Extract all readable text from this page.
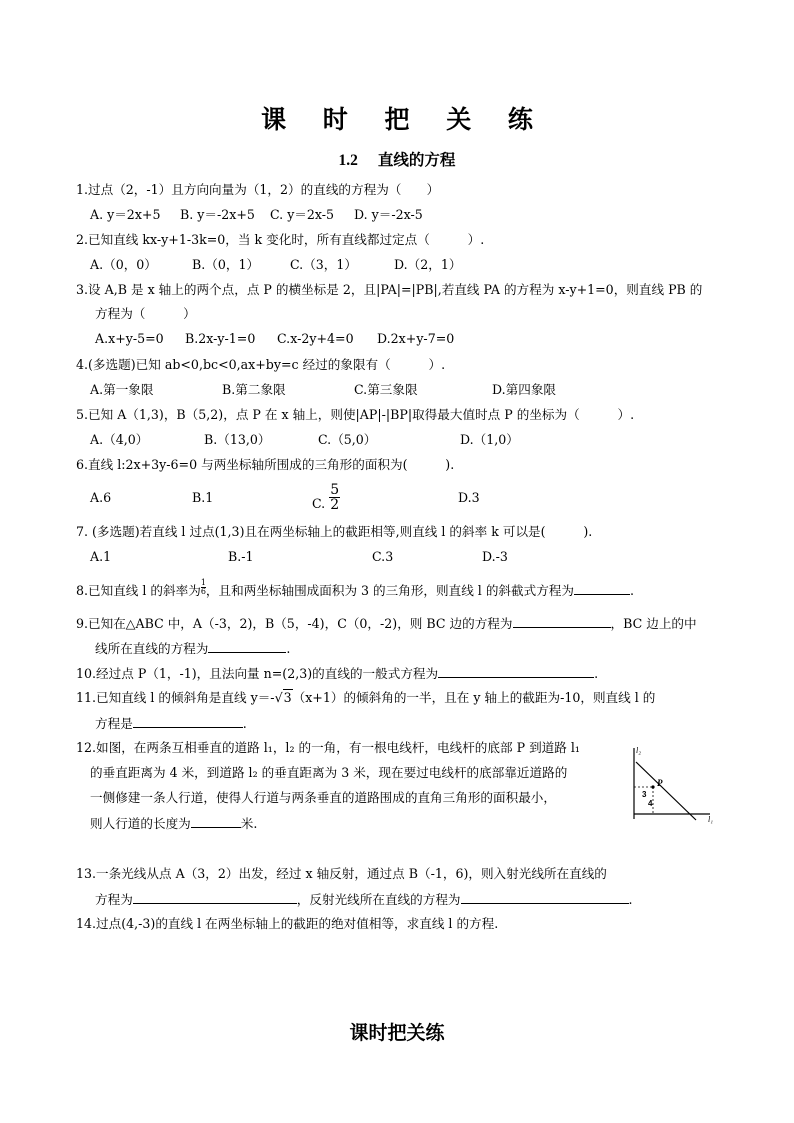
课 时 把 关 练
1.2 直线的方程
1.过点（2，-1）且方向向量为（1，2）的直线的方程为（　　）
A. y＝2x+5 B. y＝-2x+5 C. y＝2x-5 D. y＝-2x-5
2.已知直线 kx-y+1-3k=0，当 k 变化时，所有直线都过定点（　　　）.
A.（0，0）	B.（0，1） C.（3，1）	D.（2，1）
3.设 A,B 是 x 轴上的两个点，点 P 的横坐标是 2，且|PA|=|PB|,若直线 PA 的方程为 x-y+1=0，则直线 PB 的
方程为（　　　）
A.x+y-5=0 B.2x-y-1=0 C.x-2y+4=0 D.2x+y-7=0
4.(多选题)已知 ab<0,bc<0,ax+by=c 经过的象限有（　　　）.
A.第一象限	B.第二象限	C.第三象限	D.第四象限
5.已知 A（1,3)，B（5,2)，点 P 在 x 轴上，则使|AP|-|BP|取得最大值时点 P 的坐标为（　　　）.
A.（4,0）	B.（13,0）	C.（5,0）	D.（1,0）
6.直线 l:2x+3y-6=0 与两坐标轴所围成的三角形的面积为(　　　).
A.6	B.1	C. $\frac{5}{2}$	D.3
7. (多选题)若直线 l 过点(1,3)且在两坐标轴上的截距相等,则直线 l 的斜率 k 可以是(　　　).
A.1	B.-1	C.3	D.-3
8.已知直线 l 的斜率为 $\frac{1}{6}$ ，且和两坐标轴围成面积为 3 的三角形，则直线 l 的斜截式方程为	.
9.已知在△ABC 中，A（-3，2)，B（5，-4)，C（0，-2)，则 BC 边的方程为	，BC 边上的中
线所在直线的方程为	.
10.经过点 P（1，-1)，且法向量 n=(2,3)的直线的一般式方程为	.
11.已知直线 l 的倾斜角是直线 y＝-√3（x+1）的倾斜角的一半，且在 y 轴上的截距为-10，则直线 l 的
方程是	.
12.如图，在两条互相垂直的道路 l₁，l₂ 的一角，有一根电线杆，电线杆的底部 P 到道路 l₁
的垂直距离为 4 米，到道路 l₂ 的垂直距离为 3 米，现在要过电线杆的底部靠近道路的
一侧修建一条人行道，使得人行道与两条垂直的道路围成的直角三角形的面积最小，
则人行道的长度为	米.
l₂
l₁
P
3
4
13.一条光线从点 A（3，2）出发，经过 x 轴反射，通过点 B（-1，6)，则入射光线所在直线的
方程为	，反射光线所在直线的方程为	.
14.过点(4,-3)的直线 l 在两坐标轴上的截距的绝对值相等，求直线 l 的方程.
课时把关练
